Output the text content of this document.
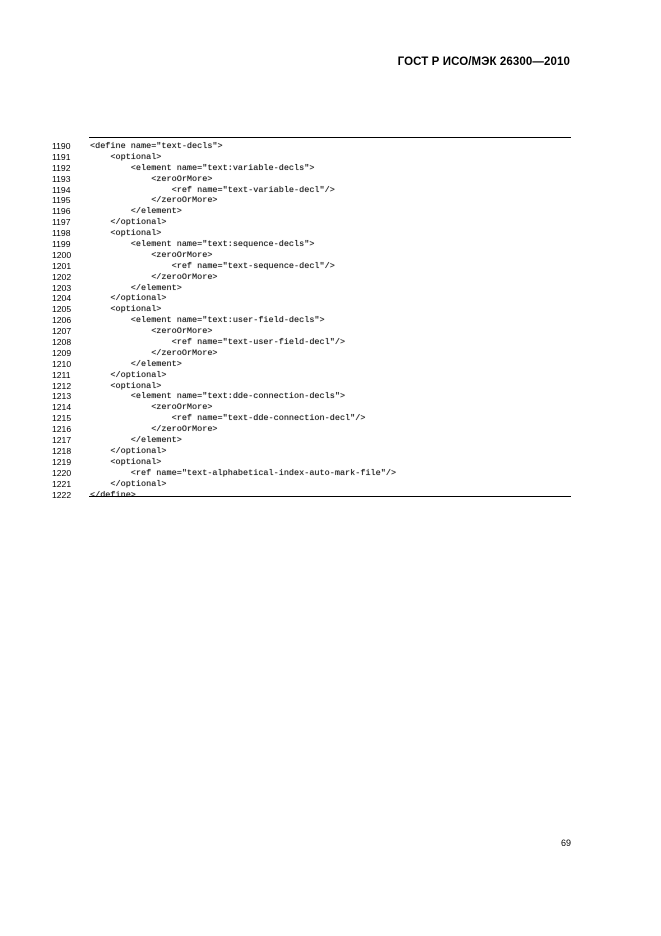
ГОСТ Р ИСО/МЭК 26300—2010
1190 <define name="text-decls">
1191 <optional>
1192 <element name="text:variable-decls">
1193 <zeroOrMore>
1194 <ref name="text-variable-decl"/>
1195 </zeroOrMore>
1196 </element>
1197 </optional>
1198 <optional>
1199 <element name="text:sequence-decls">
1200 <zeroOrMore>
1201 <ref name="text-sequence-decl"/>
1202 </zeroOrMore>
1203 </element>
1204 </optional>
1205 <optional>
1206 <element name="text:user-field-decls">
1207 <zeroOrMore>
1208 <ref name="text-user-field-decl"/>
1209 </zeroOrMore>
1210 </element>
1211 </optional>
1212 <optional>
1213 <element name="text:dde-connection-decls">
1214 <zeroOrMore>
1215 <ref name="text-dde-connection-decl"/>
1216 </zeroOrMore>
1217 </element>
1218 </optional>
1219 <optional>
1220 <ref name="text-alphabetical-index-auto-mark-file"/>
1221 </optional>
1222 </define>
69
